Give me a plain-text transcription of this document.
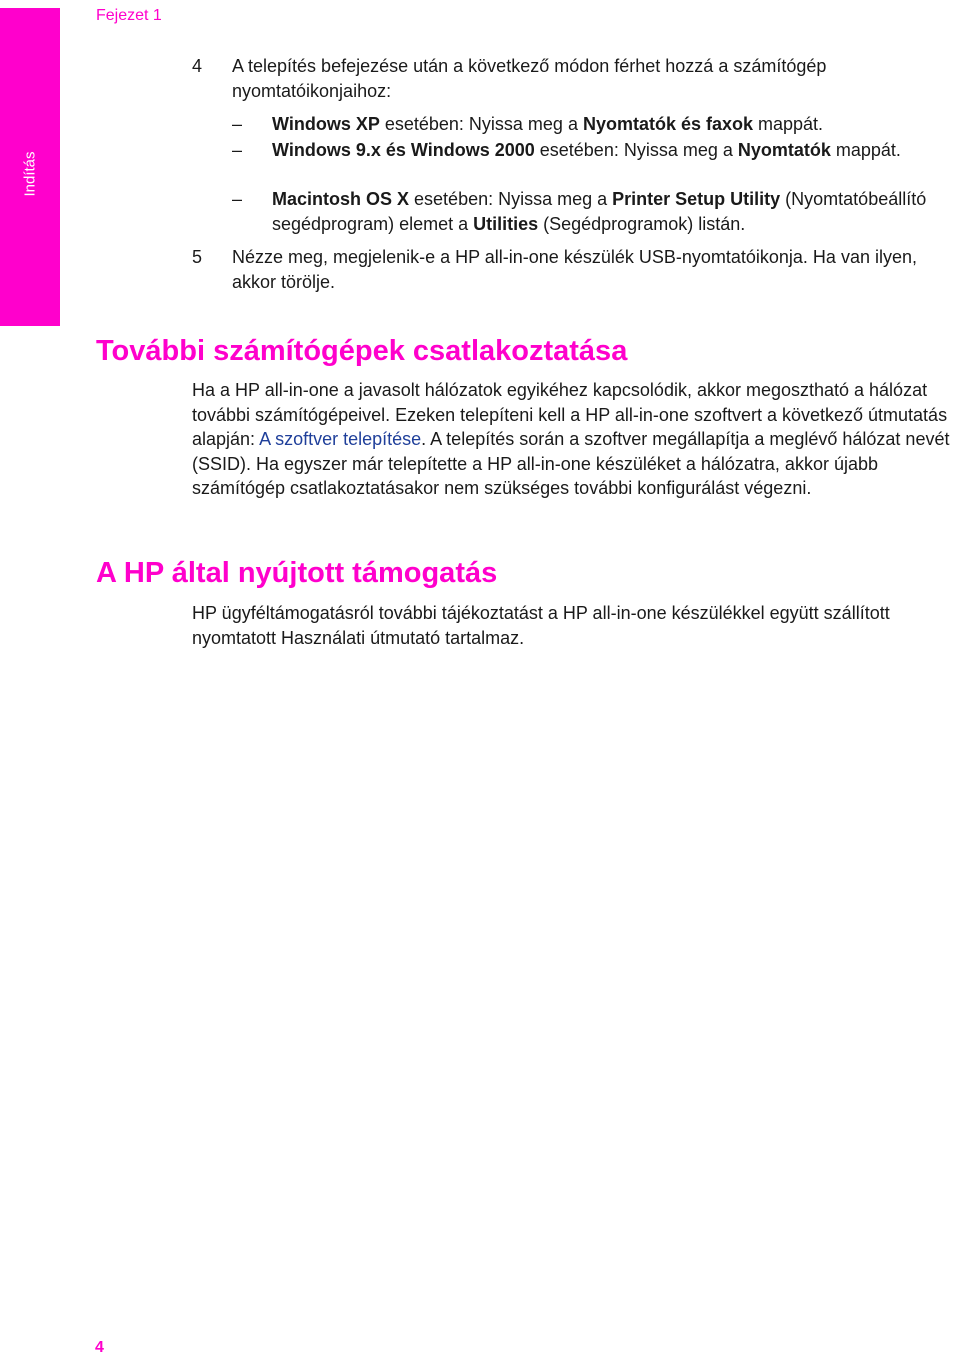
Indítás
Fejezet 1
4 A telepítés befejezése után a következő módon férhet hozzá a számítógép nyomtatóikonjaihoz:
– Windows XP esetében: Nyissa meg a Nyomtatók és faxok mappát.
– Windows 9.x és Windows 2000 esetében: Nyissa meg a Nyomtatók mappát.
– Macintosh OS X esetében: Nyissa meg a Printer Setup Utility (Nyomtatóbeállító segédprogram) elemet a Utilities (Segédprogramok) listán.
5 Nézze meg, megjelenik-e a HP all-in-one készülék USB-nyomtatóikonja. Ha van ilyen, akkor törölje.
További számítógépek csatlakoztatása
Ha a HP all-in-one a javasolt hálózatok egyikéhez kapcsolódik, akkor megosztható a hálózat további számítógépeivel. Ezeken telepíteni kell a HP all-in-one szoftvert a következő útmutatás alapján: A szoftver telepítése. A telepítés során a szoftver megállapítja a meglévő hálózat nevét (SSID). Ha egyszer már telepítette a HP all-in-one készüléket a hálózatra, akkor újabb számítógép csatlakoztatásakor nem szükséges további konfigurálást végezni.
A HP által nyújtott támogatás
HP ügyféltámogatásról további tájékoztatást a HP all-in-one készülékkel együtt szállított nyomtatott Használati útmutató tartalmaz.
4
